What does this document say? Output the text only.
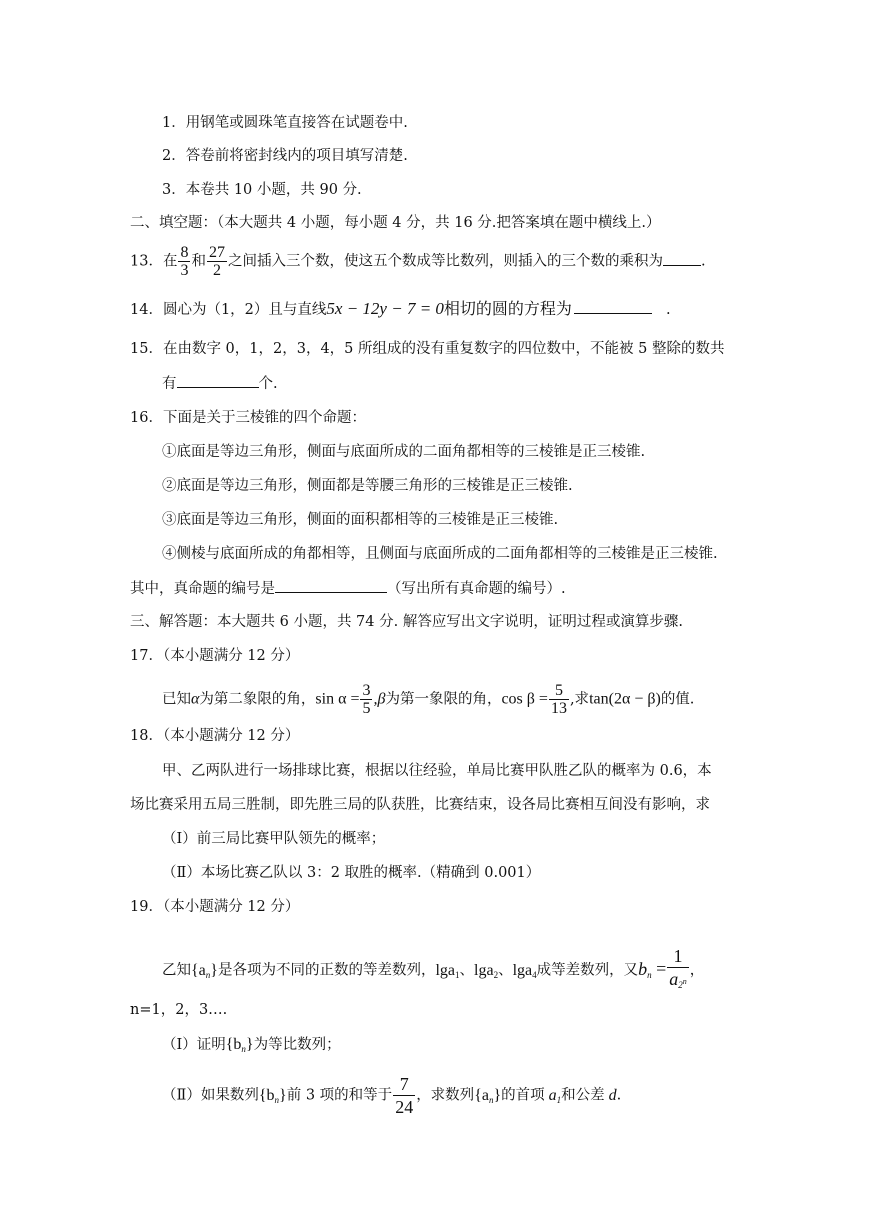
1．用钢笔或圆珠笔直接答在试题卷中.
2．答卷前将密封线内的项目填写清楚.
3．本卷共 10 小题，共 90 分.
二、填空题：（本大题共 4 小题，每小题 4 分，共 16 分.把答案填在题中横线上.）
13．在 $\frac{8}{3}$ 和 $\frac{27}{2}$ 之间插入三个数，使这五个数成等比数列，则插入的三个数的乘积为	.
14．圆心为（1，2）且与直线5x − 12y − 7 = 0相切的圆的方程为	.
15．在由数字 0，1，2，3，4，5 所组成的没有重复数字的四位数中，不能被 5 整除的数共
有	个.
16．下面是关于三棱锥的四个命题：
①底面是等边三角形，侧面与底面所成的二面角都相等的三棱锥是正三棱锥.
②底面是等边三角形，侧面都是等腰三角形的三棱锥是正三棱锥.
③底面是等边三角形，侧面的面积都相等的三棱锥是正三棱锥.
④侧棱与底面所成的角都相等，且侧面与底面所成的二面角都相等的三棱锥是正三棱锥.
其中，真命题的编号是	（写出所有真命题的编号）.
三、解答题：本大题共 6 小题，共 74 分. 解答应写出文字说明，证明过程或演算步骤.
17．（本小题满分 12 分）
已知α为第二象限的角，$\sin \alpha = \frac{3}{5} ,\beta$为第一象限的角，$\cos \beta = \frac{5}{13}$ ,求tan(2α − β)的值.
18．（本小题满分 12 分）
甲、乙两队进行一场排球比赛，根据以往经验，单局比赛甲队胜乙队的概率为 0.6，本
场比赛采用五局三胜制，即先胜三局的队获胜，比赛结束，设各局比赛相互间没有影响，求
（Ⅰ）前三局比赛甲队领先的概率；
（Ⅱ）本场比赛乙队以 3：2 取胜的概率.（精确到 0.001）
19．（本小题满分 12 分）
乙知$\{a_n\}$是各项为不同的正数的等差数列，lga$_1$、lga$_2$、lga$_4$成等差数列，又$b_n = \frac{1}{a_{2^n}}$ ，
n=1，2，3….
（Ⅰ）证明$\{b_n\}$为等比数列；
（Ⅱ）如果数列$\{b_n\}$前 3 项的和等于 $\frac{7}{24}$ ，求数列$\{a_n\}$的首项 $a_1$和公差 d.
